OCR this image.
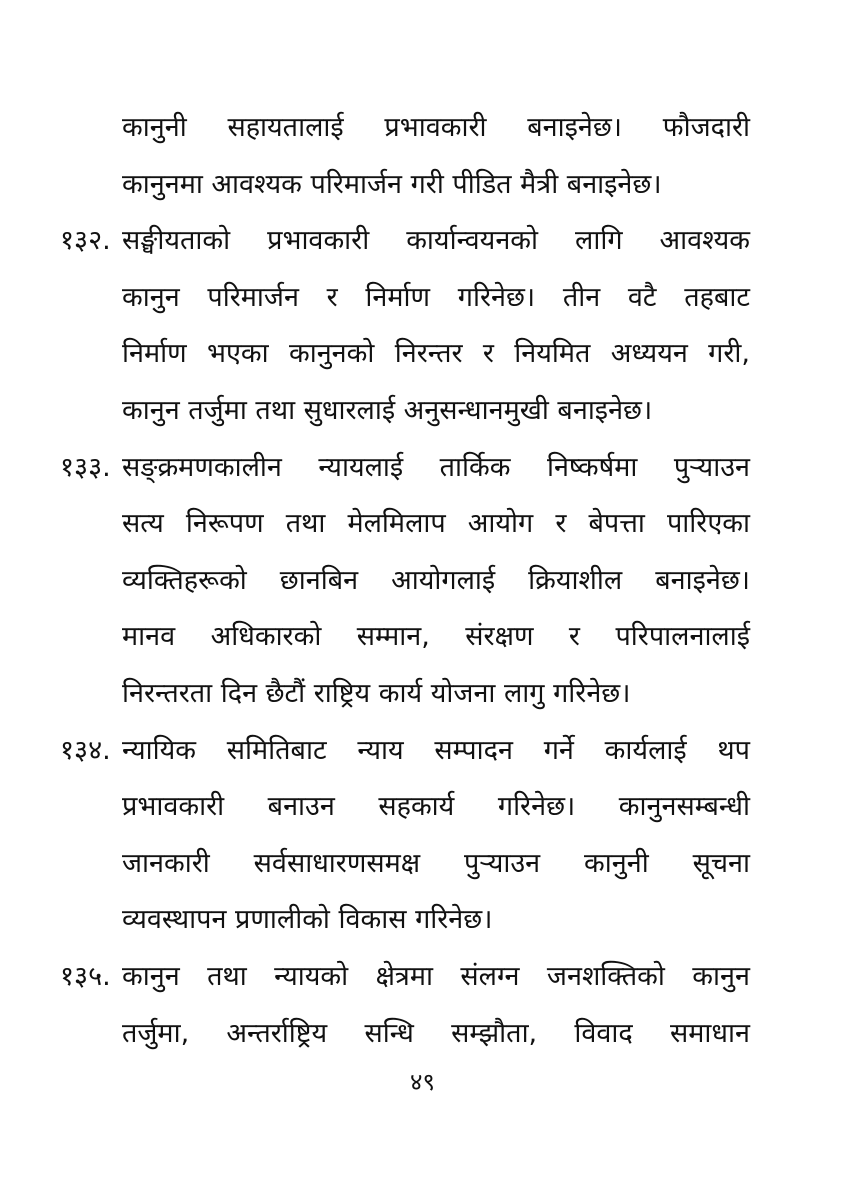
कानुनी सहायतालाई प्रभावकारी बनाइनेछ। फौजदारी
कानुनमा आवश्यक परिमार्जन गरी पीडित मैत्री बनाइनेछ।
१३२. सङ्घीयताको प्रभावकारी कार्यान्वयनको लागि आवश्यक
कानुन परिमार्जन र निर्माण गरिनेछ। तीन वटै तहबाट
निर्माण भएका कानुनको निरन्तर र नियमित अध्ययन गरी,
कानुन तर्जुमा तथा सुधारलाई अनुसन्धानमुखी बनाइनेछ।
१३३. सङ्क्रमणकालीन न्यायलाई तार्किक निष्कर्षमा पुऱ्याउन
सत्य निरूपण तथा मेलमिलाप आयोग र बेपत्ता पारिएका
व्यक्तिहरूको छानबिन आयोगलाई क्रियाशील बनाइनेछ।
मानव अधिकारको सम्मान, संरक्षण र परिपालनालाई
निरन्तरता दिन छैटौं राष्ट्रिय कार्य योजना लागु गरिनेछ।
१३४. न्यायिक समितिबाट न्याय सम्पादन गर्ने कार्यलाई थप
प्रभावकारी बनाउन सहकार्य गरिनेछ। कानुनसम्बन्धी
जानकारी सर्वसाधारणसमक्ष पुऱ्याउन कानुनी सूचना
व्यवस्थापन प्रणालीको विकास गरिनेछ।
१३५. कानुन तथा न्यायको क्षेत्रमा संलग्न जनशक्तिको कानुन
तर्जुमा, अन्तर्राष्ट्रिय सन्धि सम्झौता, विवाद समाधान
४९
